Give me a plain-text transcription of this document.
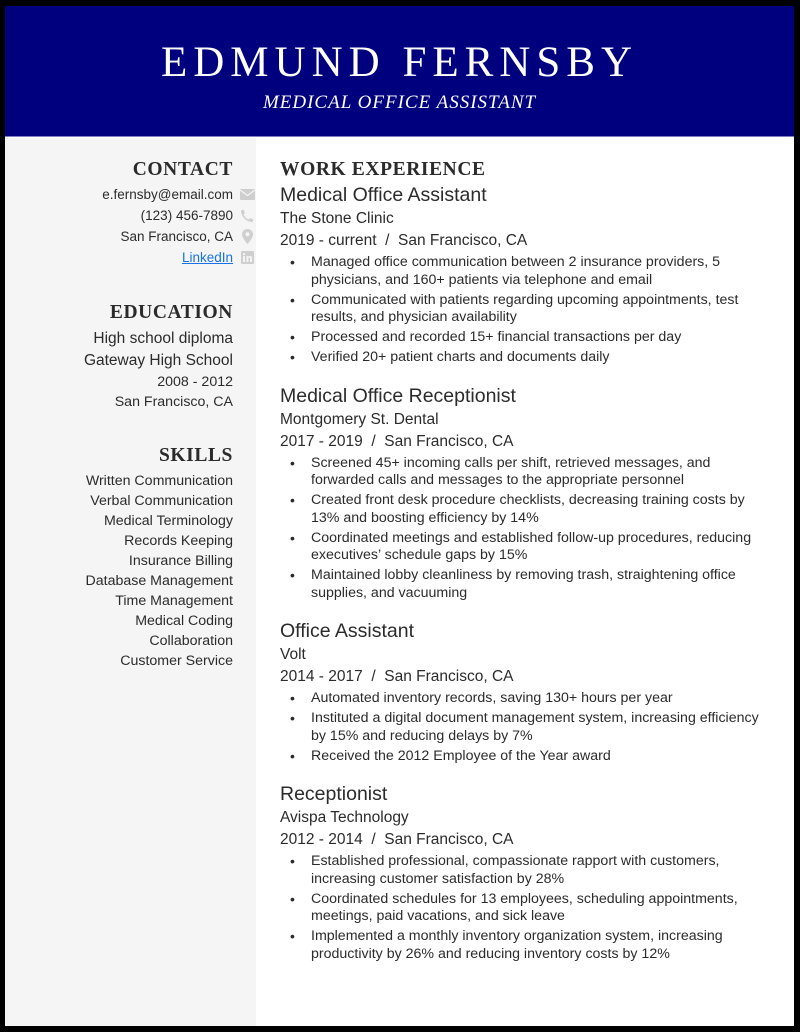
EDMUND FERNSBY
MEDICAL OFFICE ASSISTANT
CONTACT
e.fernsby@email.com
(123) 456-7890
San Francisco, CA
LinkedIn
EDUCATION
High school diploma
Gateway High School
2008 - 2012
San Francisco, CA
SKILLS
Written Communication
Verbal Communication
Medical Terminology
Records Keeping
Insurance Billing
Database Management
Time Management
Medical Coding
Collaboration
Customer Service
WORK EXPERIENCE
Medical Office Assistant
The Stone Clinic
2019 - current  /  San Francisco, CA
• Managed office communication between 2 insurance providers, 5 physicians, and 160+ patients via telephone and email
• Communicated with patients regarding upcoming appointments, test results, and physician availability
• Processed and recorded 15+ financial transactions per day
• Verified 20+ patient charts and documents daily
Medical Office Receptionist
Montgomery St. Dental
2017 - 2019  /  San Francisco, CA
• Screened 45+ incoming calls per shift, retrieved messages, and forwarded calls and messages to the appropriate personnel
• Created front desk procedure checklists, decreasing training costs by 13% and boosting efficiency by 14%
• Coordinated meetings and established follow-up procedures, reducing executives’ schedule gaps by 15%
• Maintained lobby cleanliness by removing trash, straightening office supplies, and vacuuming
Office Assistant
Volt
2014 - 2017  /  San Francisco, CA
• Automated inventory records, saving 130+ hours per year
• Instituted a digital document management system, increasing efficiency by 15% and reducing delays by 7%
• Received the 2012 Employee of the Year award
Receptionist
Avispa Technology
2012 - 2014  /  San Francisco, CA
• Established professional, compassionate rapport with customers, increasing customer satisfaction by 28%
• Coordinated schedules for 13 employees, scheduling appointments, meetings, paid vacations, and sick leave
• Implemented a monthly inventory organization system, increasing productivity by 26% and reducing inventory costs by 12%
